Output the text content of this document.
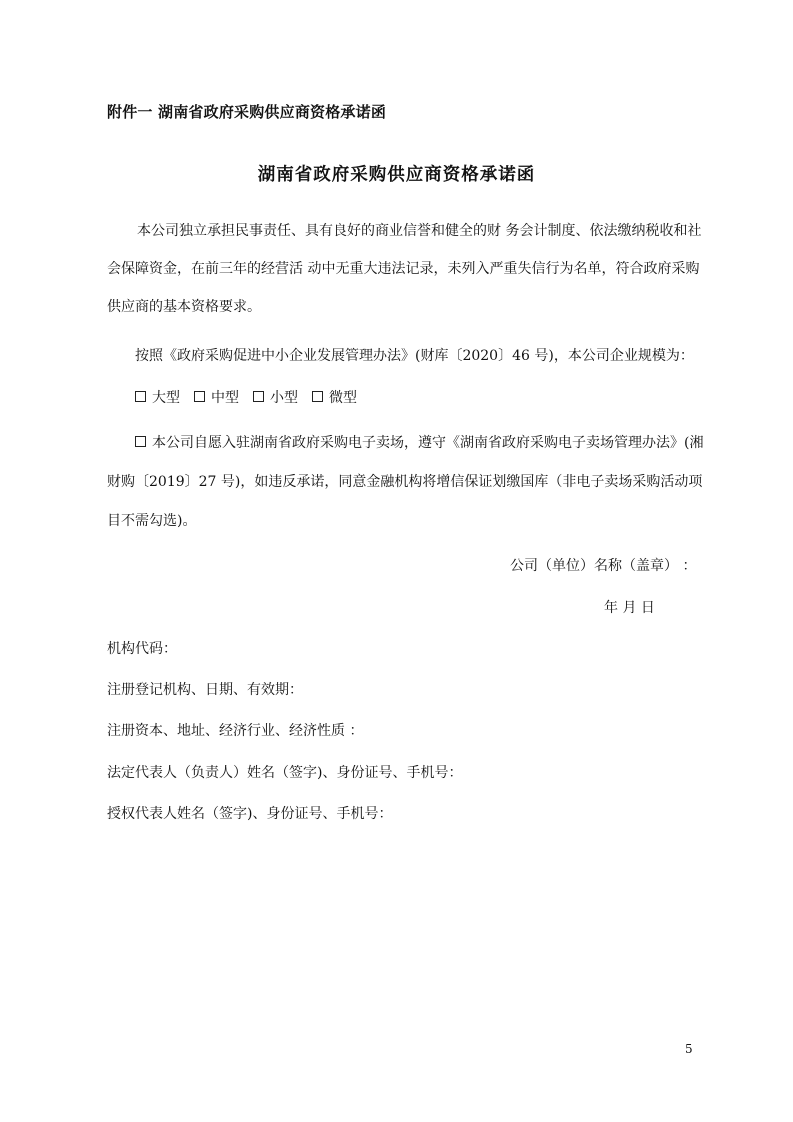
附件一 湖南省政府采购供应商资格承诺函
湖南省政府采购供应商资格承诺函
本公司独立承担民事责任、具有良好的商业信誉和健全的财 务会计制度、依法缴纳税收和社
会保障资金，在前三年的经营活 动中无重大违法记录，未列入严重失信行为名单，符合政府采购
供应商的基本资格要求。
按照《政府采购促进中小企业发展管理办法》(财库〔2020〕46 号)，本公司企业规模为：
大型 中型 小型 微型
本公司自愿入驻湖南省政府采购电子卖场，遵守《湖南省政府采购电子卖场管理办法》(湘
财购〔2019〕27 号)，如违反承诺，同意金融机构将增信保证划缴国库（非电子卖场采购活动项
目不需勾选)。
公司（单位）名称（盖章） ：
年 月 日
机构代码：
注册登记机构、日期、有效期：
注册资本、地址、经济行业、经济性质 ：
法定代表人（负责人）姓名（签字)、身份证号、手机号：
授权代表人姓名（签字)、身份证号、手机号：
5
